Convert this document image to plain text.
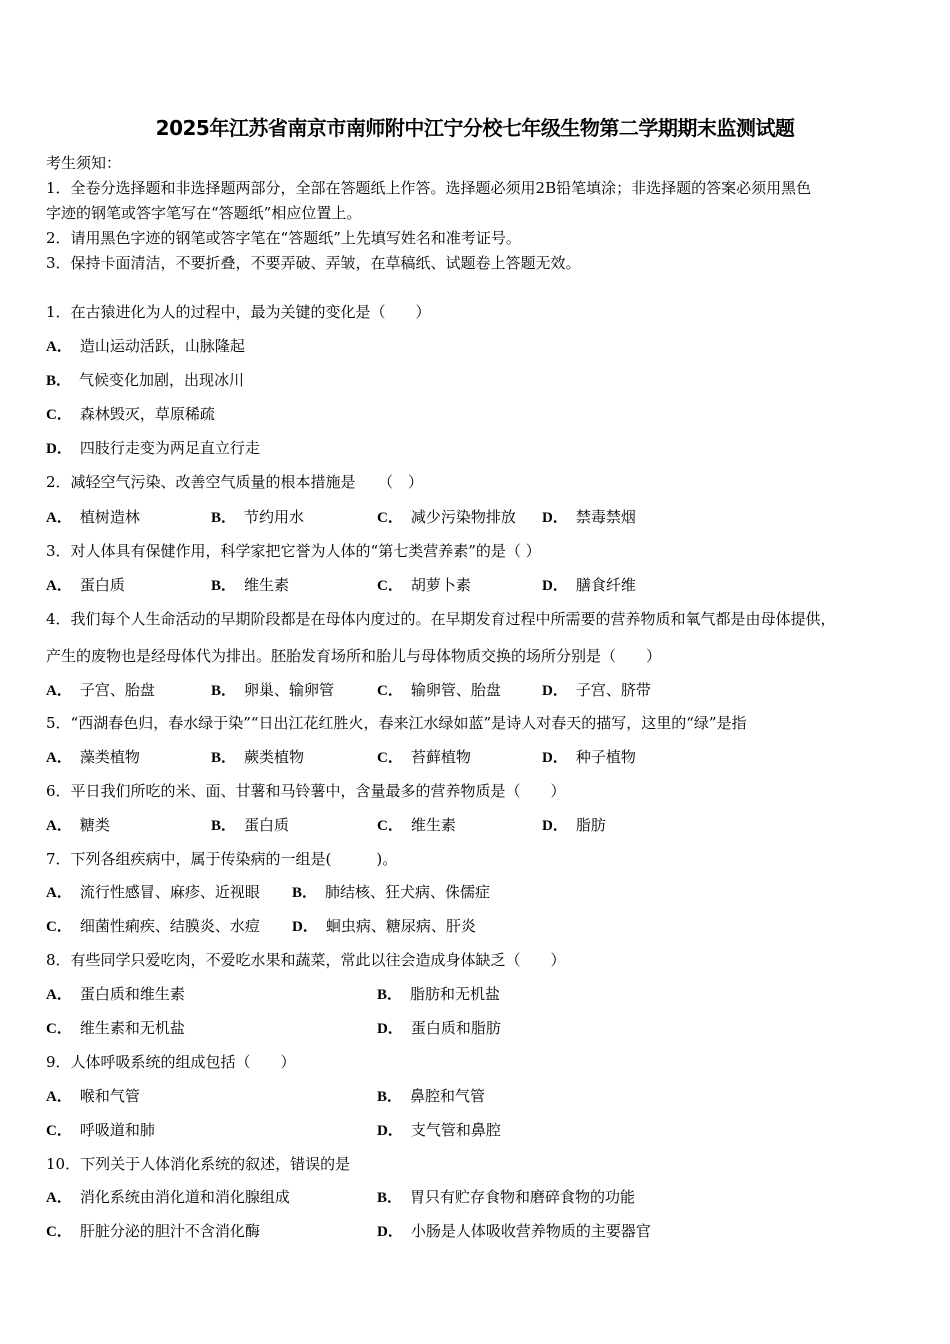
2025年江苏省南京市南师附中江宁分校七年级生物第二学期期末监测试题
考生须知：
1．全卷分选择题和非选择题两部分，全部在答题纸上作答。选择题必须用2B铅笔填涂；非选择题的答案必须用黑色
字迹的钢笔或答字笔写在“答题纸”相应位置上。
2．请用黑色字迹的钢笔或答字笔在“答题纸”上先填写姓名和准考证号。
3．保持卡面清洁，不要折叠，不要弄破、弄皱，在草稿纸、试题卷上答题无效。
1．在古猿进化为人的过程中，最为关键的变化是（　　）
A． 造山运动活跃，山脉隆起
B． 气候变化加剧，出现冰川
C． 森林毁灭，草原稀疏
D． 四肢行走变为两足直立行走
2．减轻空气污染、改善空气质量的根本措施是　　（　）
A． 植树造林	B． 节约用水	C． 减少污染物排放 D． 禁毒禁烟
3．对人体具有保健作用，科学家把它誉为人体的“第七类营养素”的是（ ）
A． 蛋白质	B． 维生素	C． 胡萝卜素	D． 膳食纤维
4．我们每个人生命活动的早期阶段都是在母体内度过的。在早期发育过程中所需要的营养物质和氧气都是由母体提供，
产生的废物也是经母体代为排出。胚胎发育场所和胎儿与母体物质交换的场所分别是（　　）
A． 子宫、胎盘	B． 卵巢、输卵管	C． 输卵管、胎盘	D． 子宫、脐带
5．“西湖春色归，春水绿于染”“日出江花红胜火，春来江水绿如蓝”是诗人对春天的描写，这里的“绿”是指
A． 藻类植物	B． 蕨类植物	C． 苔藓植物	D． 种子植物
6．平日我们所吃的米、面、甘薯和马铃薯中，含量最多的营养物质是（　　）
A． 糖类	B． 蛋白质	C． 维生素	D． 脂肪
7．下列各组疾病中，属于传染病的一组是(　　　)。
A． 流行性感冒、麻疹、近视眼 B． 肺结核、狂犬病、侏儒症
C． 细菌性痢疾、结膜炎、水痘 D． 蛔虫病、糖尿病、肝炎
8．有些同学只爱吃肉，不爱吃水果和蔬菜，常此以往会造成身体缺乏（　　）
A． 蛋白质和维生素	B． 脂肪和无机盐
C． 维生素和无机盐	D． 蛋白质和脂肪
9．人体呼吸系统的组成包括（　　）
A． 喉和气管	B． 鼻腔和气管
C． 呼吸道和肺	D． 支气管和鼻腔
10．下列关于人体消化系统的叙述，错误的是
A． 消化系统由消化道和消化腺组成	B． 胃只有贮存食物和磨碎食物的功能
C． 肝脏分泌的胆汁不含消化酶	D． 小肠是人体吸收营养物质的主要器官
